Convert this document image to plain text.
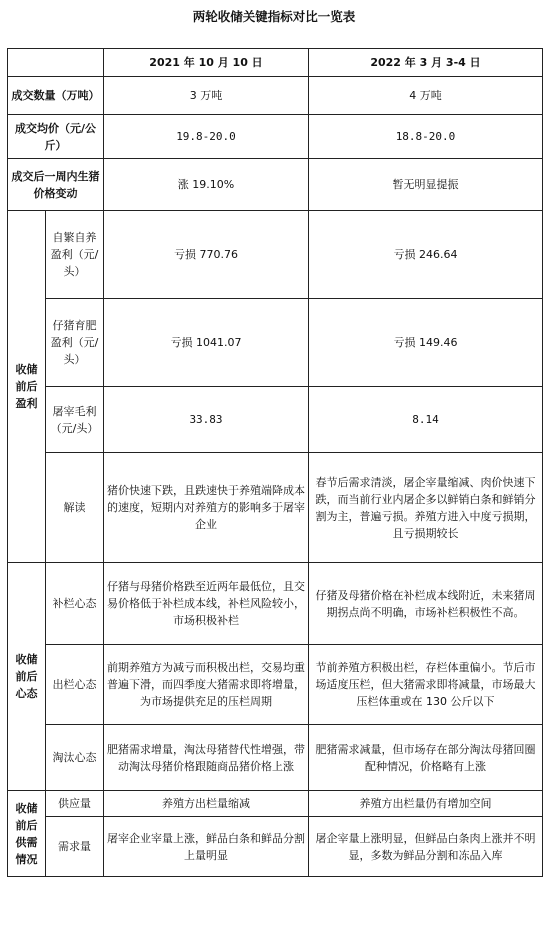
两轮收储关键指标对比一览表
		2021 年 10 月 10 日	2022 年 3 月 3-4 日
成交数量（万吨）		3 万吨	4 万吨
成交均价（元/公斤）		19.8-20.0	18.8-20.0
成交后一周内生猪价格变动		涨 19.10%	暂无明显提振
收储前后盈利	自繁自养盈利（元/头）	亏损 770.76	亏损 246.64
	仔猪育肥盈利（元/头）	亏损 1041.07	亏损 149.46
	屠宰毛利（元/头）	33.83	8.14
	解读	猪价快速下跌，且跌速快于养殖端降成本的速度，短期内对养殖方的影响多于屠宰企业	春节后需求清淡，屠企宰量缩减、肉价快速下跌，而当前行业内屠企多以鲜销白条和鲜销分割为主，普遍亏损。养殖方进入中度亏损期，且亏损期较长
收储前后心态	补栏心态	仔猪与母猪价格跌至近两年最低位，且交易价格低于补栏成本线，补栏风险较小，市场积极补栏	仔猪及母猪价格在补栏成本线附近，未来猪周期拐点尚不明确，市场补栏积极性不高。
	出栏心态	前期养殖方为减亏而积极出栏，交易均重普遍下滑，而四季度大猪需求即将增量，为市场提供充足的压栏周期	节前养殖方积极出栏，存栏体重偏小。节后市场适度压栏，但大猪需求即将减量，市场最大压栏体重或在 130 公斤以下
	淘汰心态	肥猪需求增量，淘汰母猪替代性增强，带动淘汰母猪价格跟随商品猪价格上涨	肥猪需求减量，但市场存在部分淘汰母猪回圈配种情况，价格略有上涨
收储前后供需情况	供应量	养殖方出栏量缩减	养殖方出栏量仍有增加空间
	需求量	屠宰企业宰量上涨，鲜品白条和鲜品分割上量明显	屠企宰量上涨明显，但鲜品白条肉上涨并不明显，多数为鲜品分割和冻品入库
